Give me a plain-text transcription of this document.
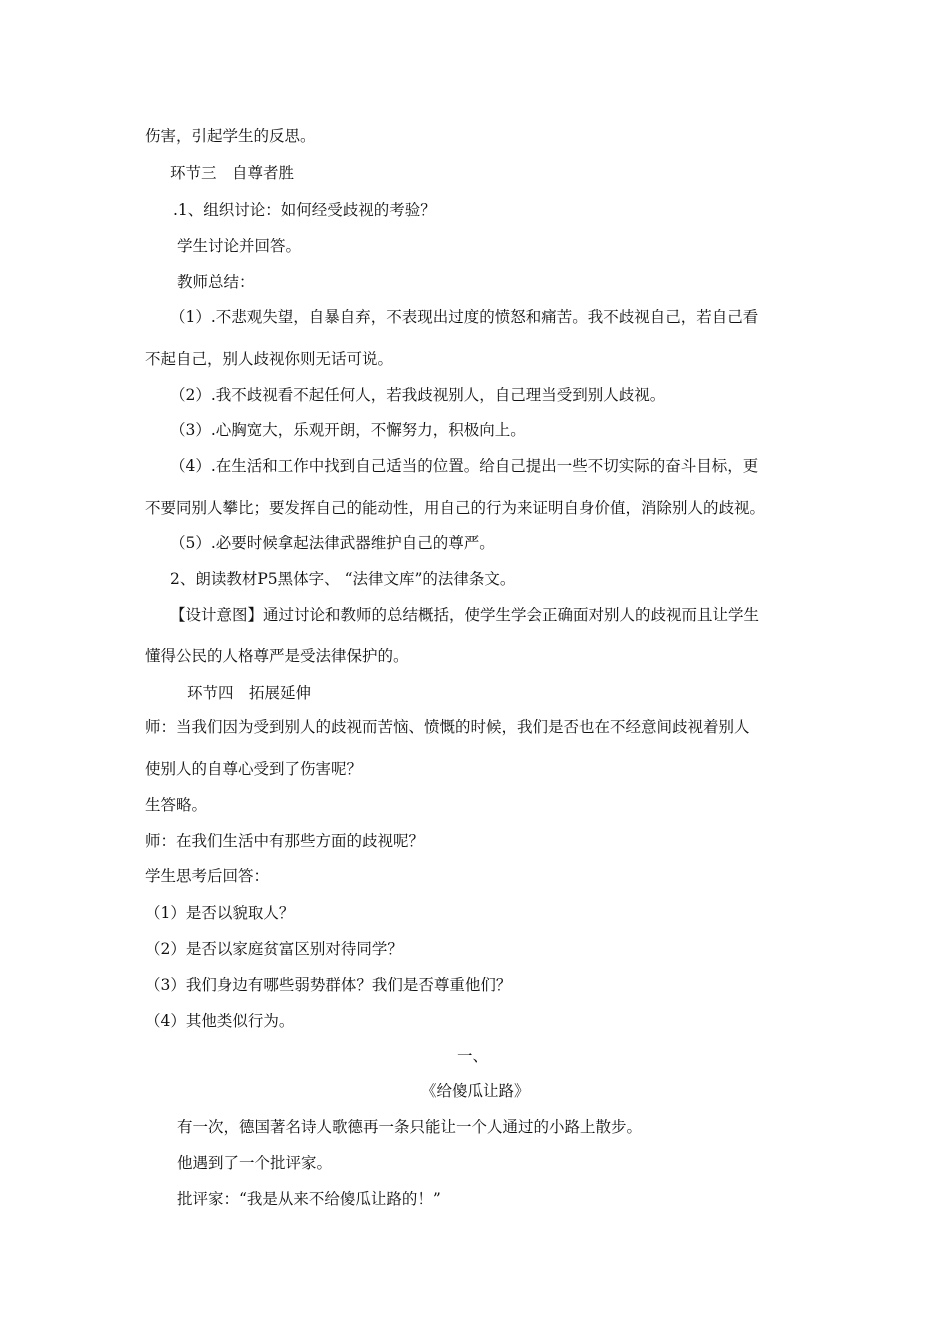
伤害，引起学生的反思。
环节三　自尊者胜
.1、组织讨论：如何经受歧视的考验？
学生讨论并回答。
教师总结：
（1）.不悲观失望，自暴自弃，不表现出过度的愤怒和痛苦。我不歧视自己，若自己看
不起自己，别人歧视你则无话可说。
（2）.我不歧视看不起任何人，若我歧视别人，自己理当受到别人歧视。
（3）.心胸宽大，乐观开朗，不懈努力，积极向上。
（4）.在生活和工作中找到自己适当的位置。给自己提出一些不切实际的奋斗目标，更
不要同别人攀比；要发挥自己的能动性，用自己的行为来证明自身价值，消除别人的歧视。
（5）.必要时候拿起法律武器维护自己的尊严。
2、朗读教材P5黑体字、 “法律文库”的法律条文。
【设计意图】通过讨论和教师的总结概括，使学生学会正确面对别人的歧视而且让学生
懂得公民的人格尊严是受法律保护的。
环节四　拓展延伸
师：当我们因为受到别人的歧视而苦恼、愤慨的时候，我们是否也在不经意间歧视着别人
使别人的自尊心受到了伤害呢？
生答略。
师：在我们生活中有那些方面的歧视呢？
学生思考后回答：
（1）是否以貌取人？
（2）是否以家庭贫富区别对待同学？
（3）我们身边有哪些弱势群体？我们是否尊重他们？
（4）其他类似行为。
一、
《给傻瓜让路》
有一次，德国著名诗人歌德再一条只能让一个人通过的小路上散步。
他遇到了一个批评家。
批评家：“我是从来不给傻瓜让路的！”
